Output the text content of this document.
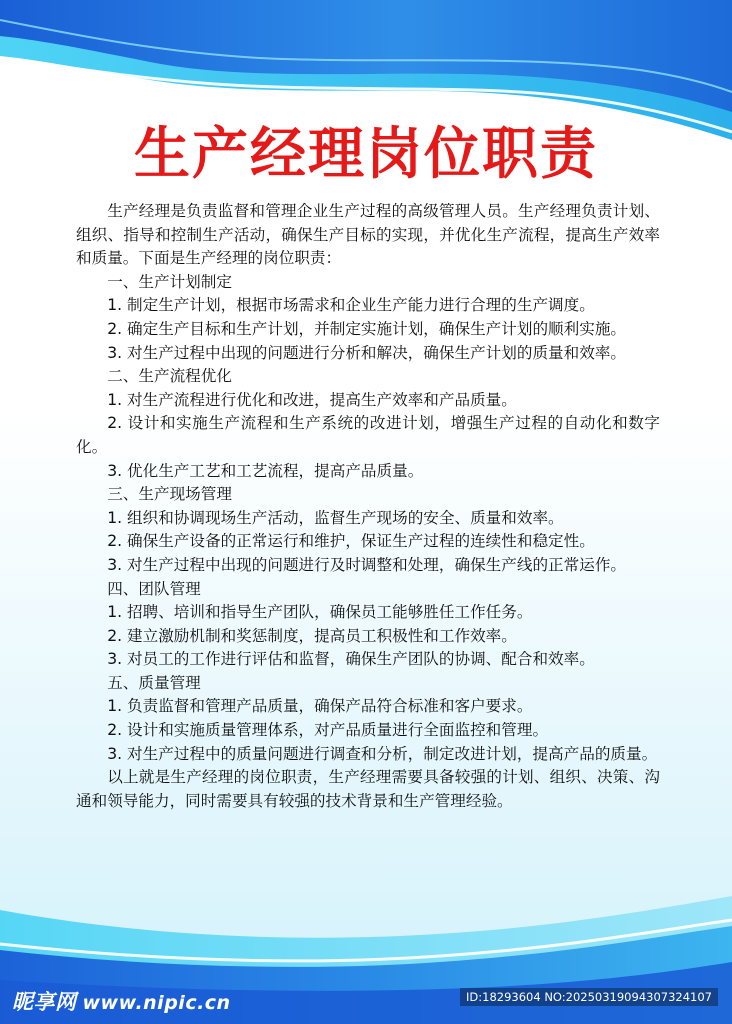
生产经理岗位职责

生产经理是负责监督和管理企业生产过程的高级管理人员。生产经理负责计划、组织、指导和控制生产活动，确保生产目标的实现，并优化生产流程，提高生产效率和质量。下面是生产经理的岗位职责：

一、生产计划制定

1. 制定生产计划，根据市场需求和企业生产能力进行合理的生产调度。

2. 确定生产目标和生产计划，并制定实施计划，确保生产计划的顺利实施。

3. 对生产过程中出现的问题进行分析和解决，确保生产计划的质量和效率。

二、生产流程优化

1. 对生产流程进行优化和改进，提高生产效率和产品质量。

2. 设计和实施生产流程和生产系统的改进计划，增强生产过程的自动化和数字化。

3. 优化生产工艺和工艺流程，提高产品质量。

三、生产现场管理

1. 组织和协调现场生产活动，监督生产现场的安全、质量和效率。

2. 确保生产设备的正常运行和维护，保证生产过程的连续性和稳定性。

3. 对生产过程中出现的问题进行及时调整和处理，确保生产线的正常运作。

四、团队管理

1. 招聘、培训和指导生产团队，确保员工能够胜任工作任务。

2. 建立激励机制和奖惩制度，提高员工积极性和工作效率。

3. 对员工的工作进行评估和监督，确保生产团队的协调、配合和效率。

五、质量管理

1. 负责监督和管理产品质量，确保产品符合标准和客户要求。

2. 设计和实施质量管理体系，对产品质量进行全面监控和管理。

3. 对生产过程中的质量问题进行调查和分析，制定改进计划，提高产品的质量。

以上就是生产经理的岗位职责，生产经理需要具备较强的计划、组织、决策、沟通和领导能力，同时需要具有较强的技术背景和生产管理经验。

昵享网 www.nipic.cn	ID:18293604 NO:20250319094307324107
